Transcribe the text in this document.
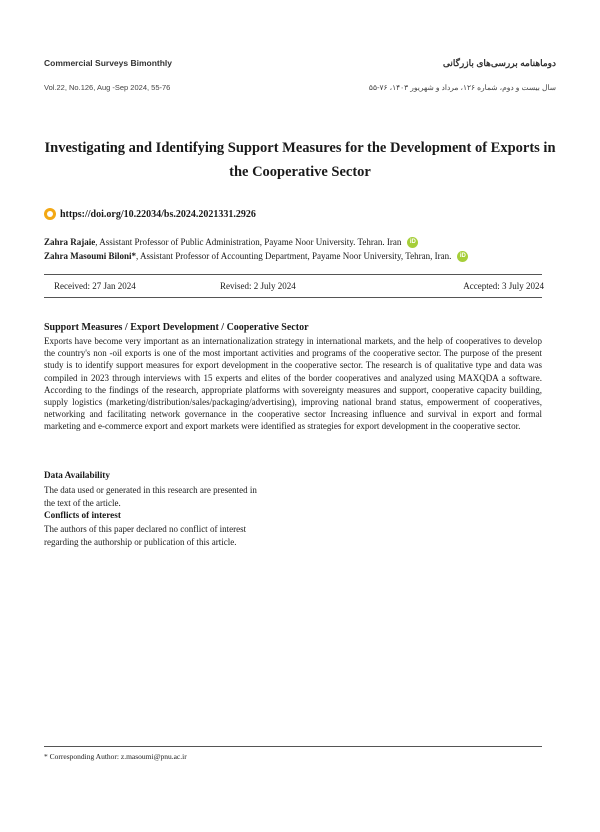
Commercial Surveys Bimonthly	دوماهنامه بررسی‌های بازرگانی
Vol.22, No.126, Aug -Sep 2024, 55-76	سال بیست و دوم، شماره ۱۲۶، مرداد و شهریور ۱۴۰۳، ۷۶-۵۵
Investigating and Identifying Support Measures for the Development of Exports in the Cooperative Sector
https://doi.org/10.22034/bs.2024.2021331.2926
Zahra Rajaie, Assistant Professor of Public Administration, Payame Noor University. Tehran. Iran iD
Zahra Masoumi Biloni*, Assistant Professor of Accounting Department, Payame Noor University, Tehran, Iran. iD
Received: 27 Jan 2024	Revised: 2 July 2024	Accepted: 3 July 2024
Support Measures / Export Development / Cooperative Sector

Exports have become very important as an internationalization strategy in international markets, and the help of cooperatives to develop the country's non -oil exports is one of the most important activities and programs of the cooperative sector. The purpose of the present study is to identify support measures for export development in the cooperative sector. The research is of qualitative type and data was compiled in 2023 through interviews with 15 experts and elites of the border cooperatives and analyzed using MAXQDA a software. According to the findings of the research, appropriate platforms with sovereignty measures and support, cooperative capacity building, supply logistics (marketing/distribution/sales/packaging/advertising), improving national brand status, empowerment of cooperatives, networking and facilitating network governance in the cooperative sector Increasing influence and survival in export and formal marketing and e-commerce export and export markets were identified as strategies for export development in the cooperative sector.

Data Availability
The data used or generated in this research are presented in the text of the article.
Conflicts of interest
The authors of this paper declared no conflict of interest regarding the authorship or publication of this article.
* Corresponding Author: z.masoumi@pnu.ac.ir
